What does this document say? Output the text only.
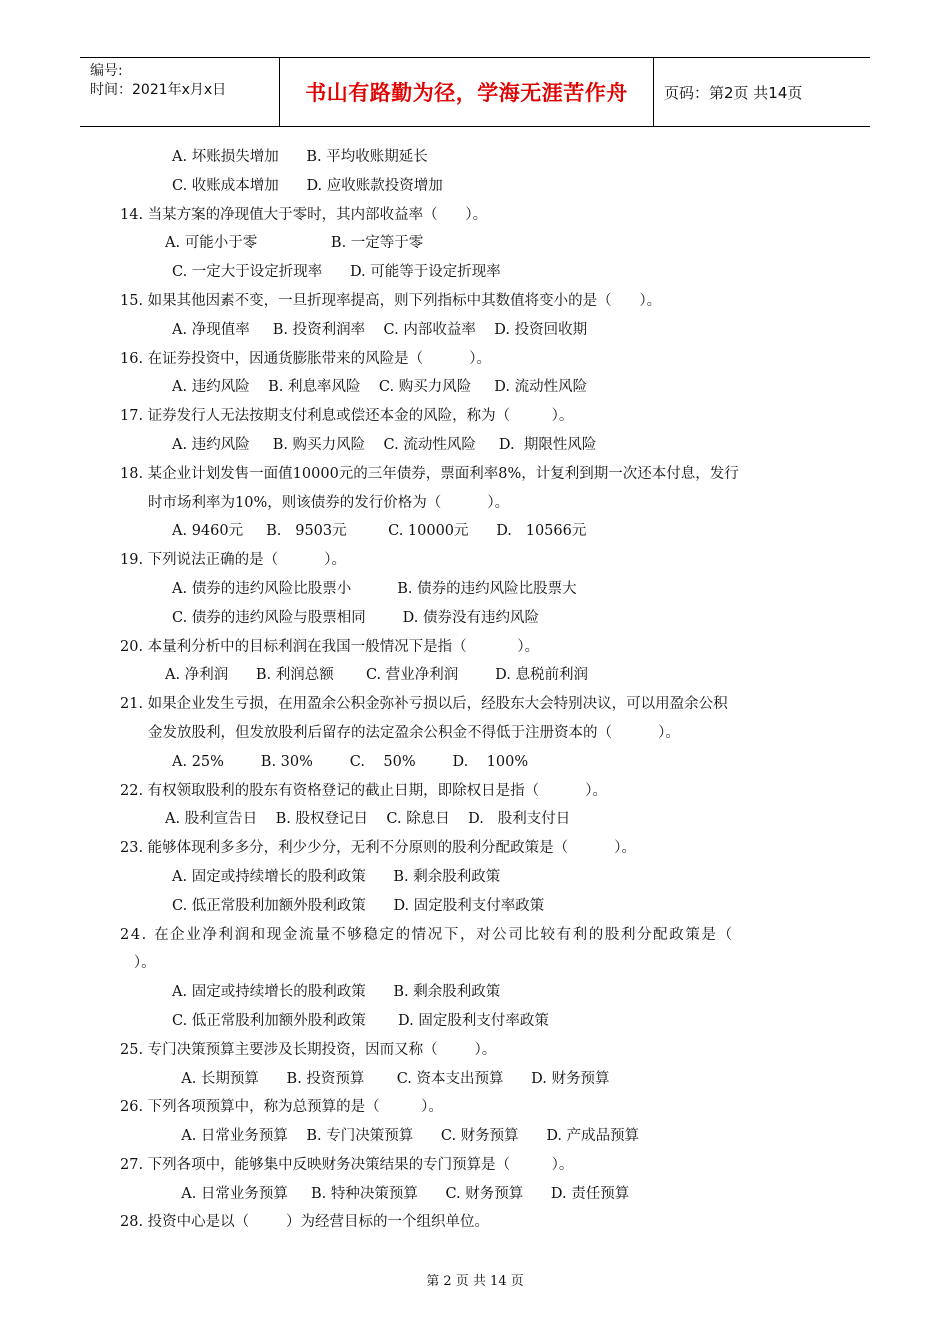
编号:
时间：2021年x月x日	书山有路勤为径，学海无涯苦作舟	页码：第2页 共14页
A. 坏账损失增加      B. 平均收账期延长
C. 收账成本增加      D. 应收账款投资增加
14. 当某方案的净现值大于零时，其内部收益率（      ）。
A. 可能小于零                B. 一定等于零
C. 一定大于设定折现率      D. 可能等于设定折现率
15. 如果其他因素不变，一旦折现率提高，则下列指标中其数值将变小的是（      ）。
A. 净现值率     B. 投资利润率    C. 内部收益率    D. 投资回收期
16. 在证券投资中，因通货膨胀带来的风险是（          ）。
A. 违约风险    B. 利息率风险    C. 购买力风险     D. 流动性风险
17. 证券发行人无法按期支付利息或偿还本金的风险，称为（         ）。
A. 违约风险     B. 购买力风险    C. 流动性风险     D.  期限性风险
18. 某企业计划发售一面值10000元的三年债券，票面利率8%，计复利到期一次还本付息，发行
时市场利率为10%，则该债券的发行价格为（          ）。
A. 9460元     B.   9503元         C. 10000元      D.   10566元
19. 下列说法正确的是（          ）。
A. 债券的违约风险比股票小          B. 债券的违约风险比股票大
C. 债券的违约风险与股票相同        D. 债券没有违约风险
20. 本量利分析中的目标利润在我国一般情况下是指（           ）。
A. 净利润      B. 利润总额       C. 营业净利润        D. 息税前利润
21. 如果企业发生亏损，在用盈余公积金弥补亏损以后，经股东大会特别决议，可以用盈余公积
金发放股利，但发放股利后留存的法定盈余公积金不得低于注册资本的（          ）。
A. 25%        B. 30%        C.    50%        D.    100%
22. 有权领取股利的股东有资格登记的截止日期，即除权日是指（          ）。
A. 股利宣告日    B. 股权登记日    C. 除息日    D.   股利支付日
23. 能够体现利多多分，利少少分，无利不分原则的股利分配政策是（          ）。
A. 固定或持续增长的股利政策      B. 剩余股利政策
C. 低正常股利加额外股利政策      D. 固定股利支付率政策
24. 在企业净利润和现金流量不够稳定的情况下，对公司比较有利的股利分配政策是（
）。
A. 固定或持续增长的股利政策      B. 剩余股利政策
C. 低正常股利加额外股利政策       D. 固定股利支付率政策
25. 专门决策预算主要涉及长期投资，因而又称（        ）。
A. 长期预算      B. 投资预算       C. 资本支出预算      D. 财务预算
26. 下列各项预算中，称为总预算的是（         ）。
A. 日常业务预算    B. 专门决策预算      C. 财务预算      D. 产成品预算
27. 下列各项中，能够集中反映财务决策结果的专门预算是（         ）。
A. 日常业务预算     B. 特种决策预算      C. 财务预算      D. 责任预算
28. 投资中心是以（        ）为经营目标的一个组织单位。
第 2 页 共 14 页
